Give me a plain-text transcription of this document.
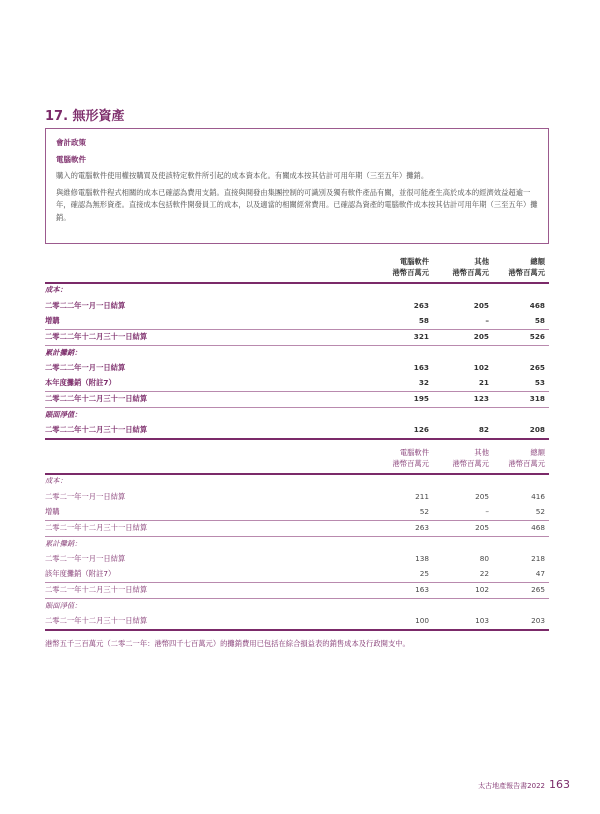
17. 無形資產
會計政策
電腦軟件

購入的電腦軟件使用權按購買及使該特定軟件所引起的成本資本化。有關成本按其估計可用年期（三至五年）攤銷。

與維修電腦軟件程式相關的成本已確認為費用支銷。直接與開發由集團控制的可識別及獨有軟件產品有關，並很可能產生高於成本的經濟效益超逾一年，確認為無形資產。直接成本包括軟件開發員工的成本，以及適當的相關經常費用。已確認為資產的電腦軟件成本按其估計可用年期（三至五年）攤銷。

電腦軟件
港幣百萬元
其他
港幣百萬元
總額
港幣百萬元
成本：
二零二二年一月一日結算	263	205	468
增購	58	–	58
二零二二年十二月三十一日結算	321	205	526
累計攤銷：
二零二二年一月一日結算	163	102	265
本年度攤銷（附註7）	32	21	53
二零二二年十二月三十一日結算	195	123	318
賬面淨值：
二零二二年十二月三十一日結算	126	82	208
電腦軟件
港幣百萬元
其他
港幣百萬元
總額
港幣百萬元
成本：
二零二一年一月一日結算	211	205	416
增購	52	–	52
二零二一年十二月三十一日結算	263	205	468
累計攤銷：
二零二一年一月一日結算	138	80	218
該年度攤銷（附註7）	25	22	47
二零二一年十二月三十一日結算	163	102	265
賬面淨值：
二零二一年十二月三十一日結算	100	103	203
港幣五千三百萬元（二零二一年：港幣四千七百萬元）的攤銷費用已包括在綜合損益表的銷售成本及行政開支中。
太古地產報告書2022 163
